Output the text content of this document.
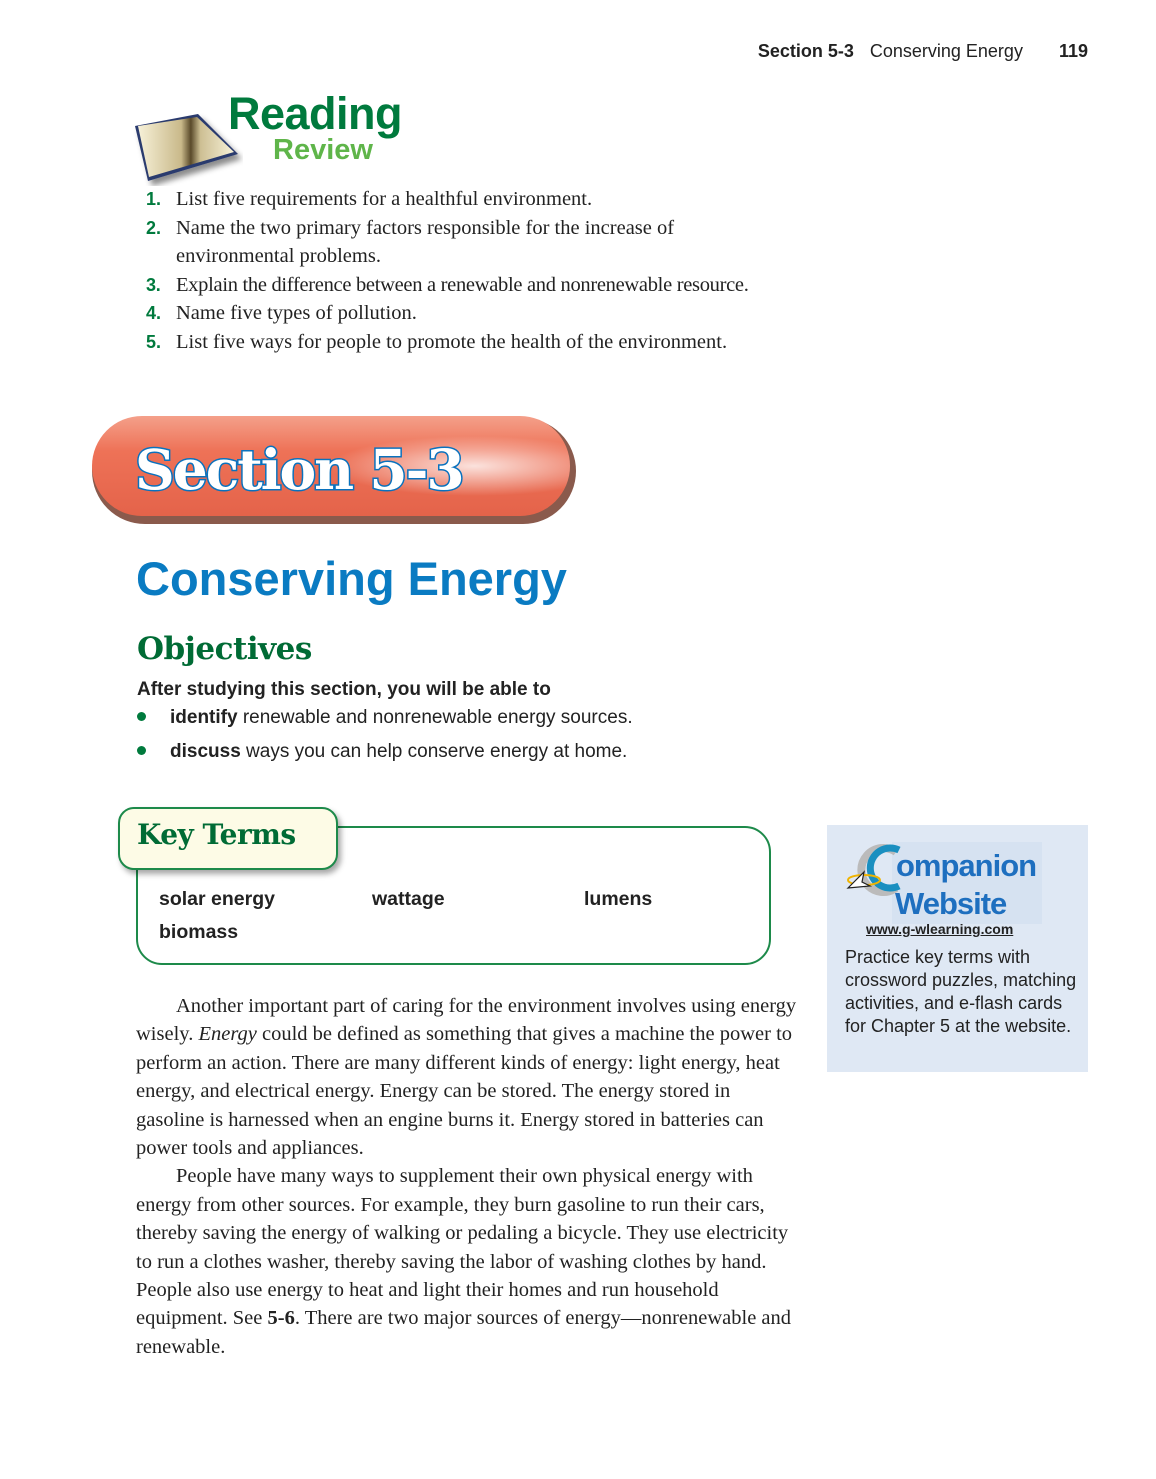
Section 5-3 Conserving Energy 119
Reading
Review
1. List five requirements for a healthful environment.
2. Name the two primary factors responsible for the increase of environmental problems.
3. Explain the difference between a renewable and nonrenewable resource.
4. Name five types of pollution.
5. List five ways for people to promote the health of the environment.
Section 5-3
Conserving Energy
Objectives
After studying this section, you will be able to
identify renewable and nonrenewable energy sources.
discuss ways you can help conserve energy at home.
Key Terms
solar energy	wattage	lumens
biomass

Another important part of caring for the environment involves using energy wisely. Energy could be defined as something that gives a machine the power to perform an action. There are many different kinds of energy: light energy, heat energy, and electrical energy. Energy can be stored. The energy stored in gasoline is harnessed when an engine burns it. Energy stored in batteries can power tools and appliances.

People have many ways to supplement their own physical energy with energy from other sources. For example, they burn gasoline to run their cars, thereby saving the energy of walking or pedaling a bicycle. They use electricity to run a clothes washer, thereby saving the labor of washing clothes by hand. People also use energy to heat and light their homes and run household equipment. See 5-6. There are two major sources of energy—nonrenewable and renewable.

ompanion
Website
www.g-wlearning.com
Practice key terms with crossword puzzles, matching activities, and e-flash cards for Chapter 5 at the website.
